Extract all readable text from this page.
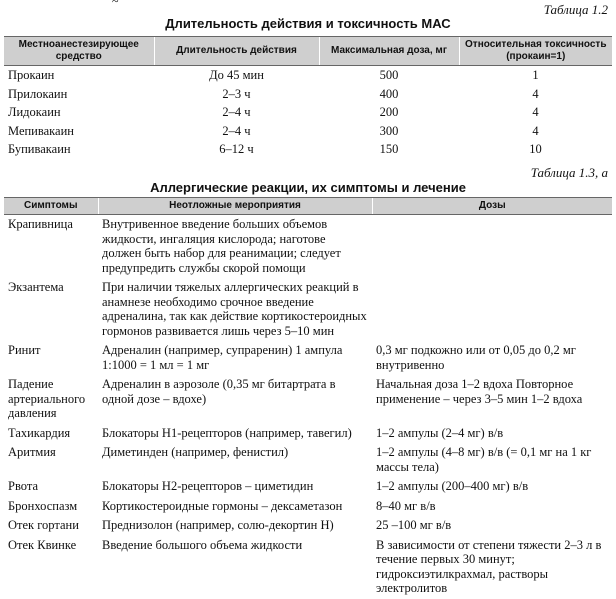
~
Таблица 1.2
Длительность действия и токсичность МАС
Местноанестезирующее средство	Длительность действия	Максимальная доза, мг	Относительная токсичность (прокаин=1)
Прокаин	До 45 мин	500	1
Прилокаин	2–3 ч	400	4
Лидокаин	2–4 ч	200	4
Мепивакаин	2–4 ч	300	4
Бупивакаин	6–12 ч	150	10
Таблица 1.3, а
Аллергические реакции, их симптомы и лечение
Симптомы	Неотложные мероприятия	Дозы
Крапивница	Внутривенное введение больших объемов жидкости, ингаляция кислорода; наготове должен быть набор для реанимации; следует предупредить службы скорой помощи	
Экзантема	При наличии тяжелых аллергических реакций в анамнезе необходимо срочное введение адреналина, так как действие кортикостероидных гормонов развивается лишь через 5–10 мин	
Ринит	Адреналин (например, супраренин) 1 ампула 1:1000 = 1 мл = 1 мг	0,3 мг подкожно или от 0,05 до 0,2 мг внутривенно
Падение артериального давления	Адреналин в аэрозоле (0,35 мг битартрата в одной дозе – вдохе)	Начальная доза 1–2 вдоха Повторное применение – через 3–5 мин 1–2 вдоха
Тахикардия	Блокаторы H1-рецепторов (например, тавегил)	1–2 ампулы (2–4 мг) в/в
Аритмия	Диметинден (например, фенистил)	1–2 ампулы (4–8 мг) в/в (= 0,1 мг на 1 кг массы тела)
Рвота	Блокаторы H2-рецепторов – циметидин	1–2 ампулы (200–400 мг) в/в
Бронхоспазм	Кортикостероидные гормоны – дексаметазон	8–40 мг в/в
Отек гортани	Преднизолон (например, солю-декортин Н)	25 –100 мг в/в
Отек Квинке	Введение большого объема жидкости	В зависимости от степени тяжести 2–3 л в течение первых 30 минут; гидроксиэтилкрахмал, растворы электролитов
